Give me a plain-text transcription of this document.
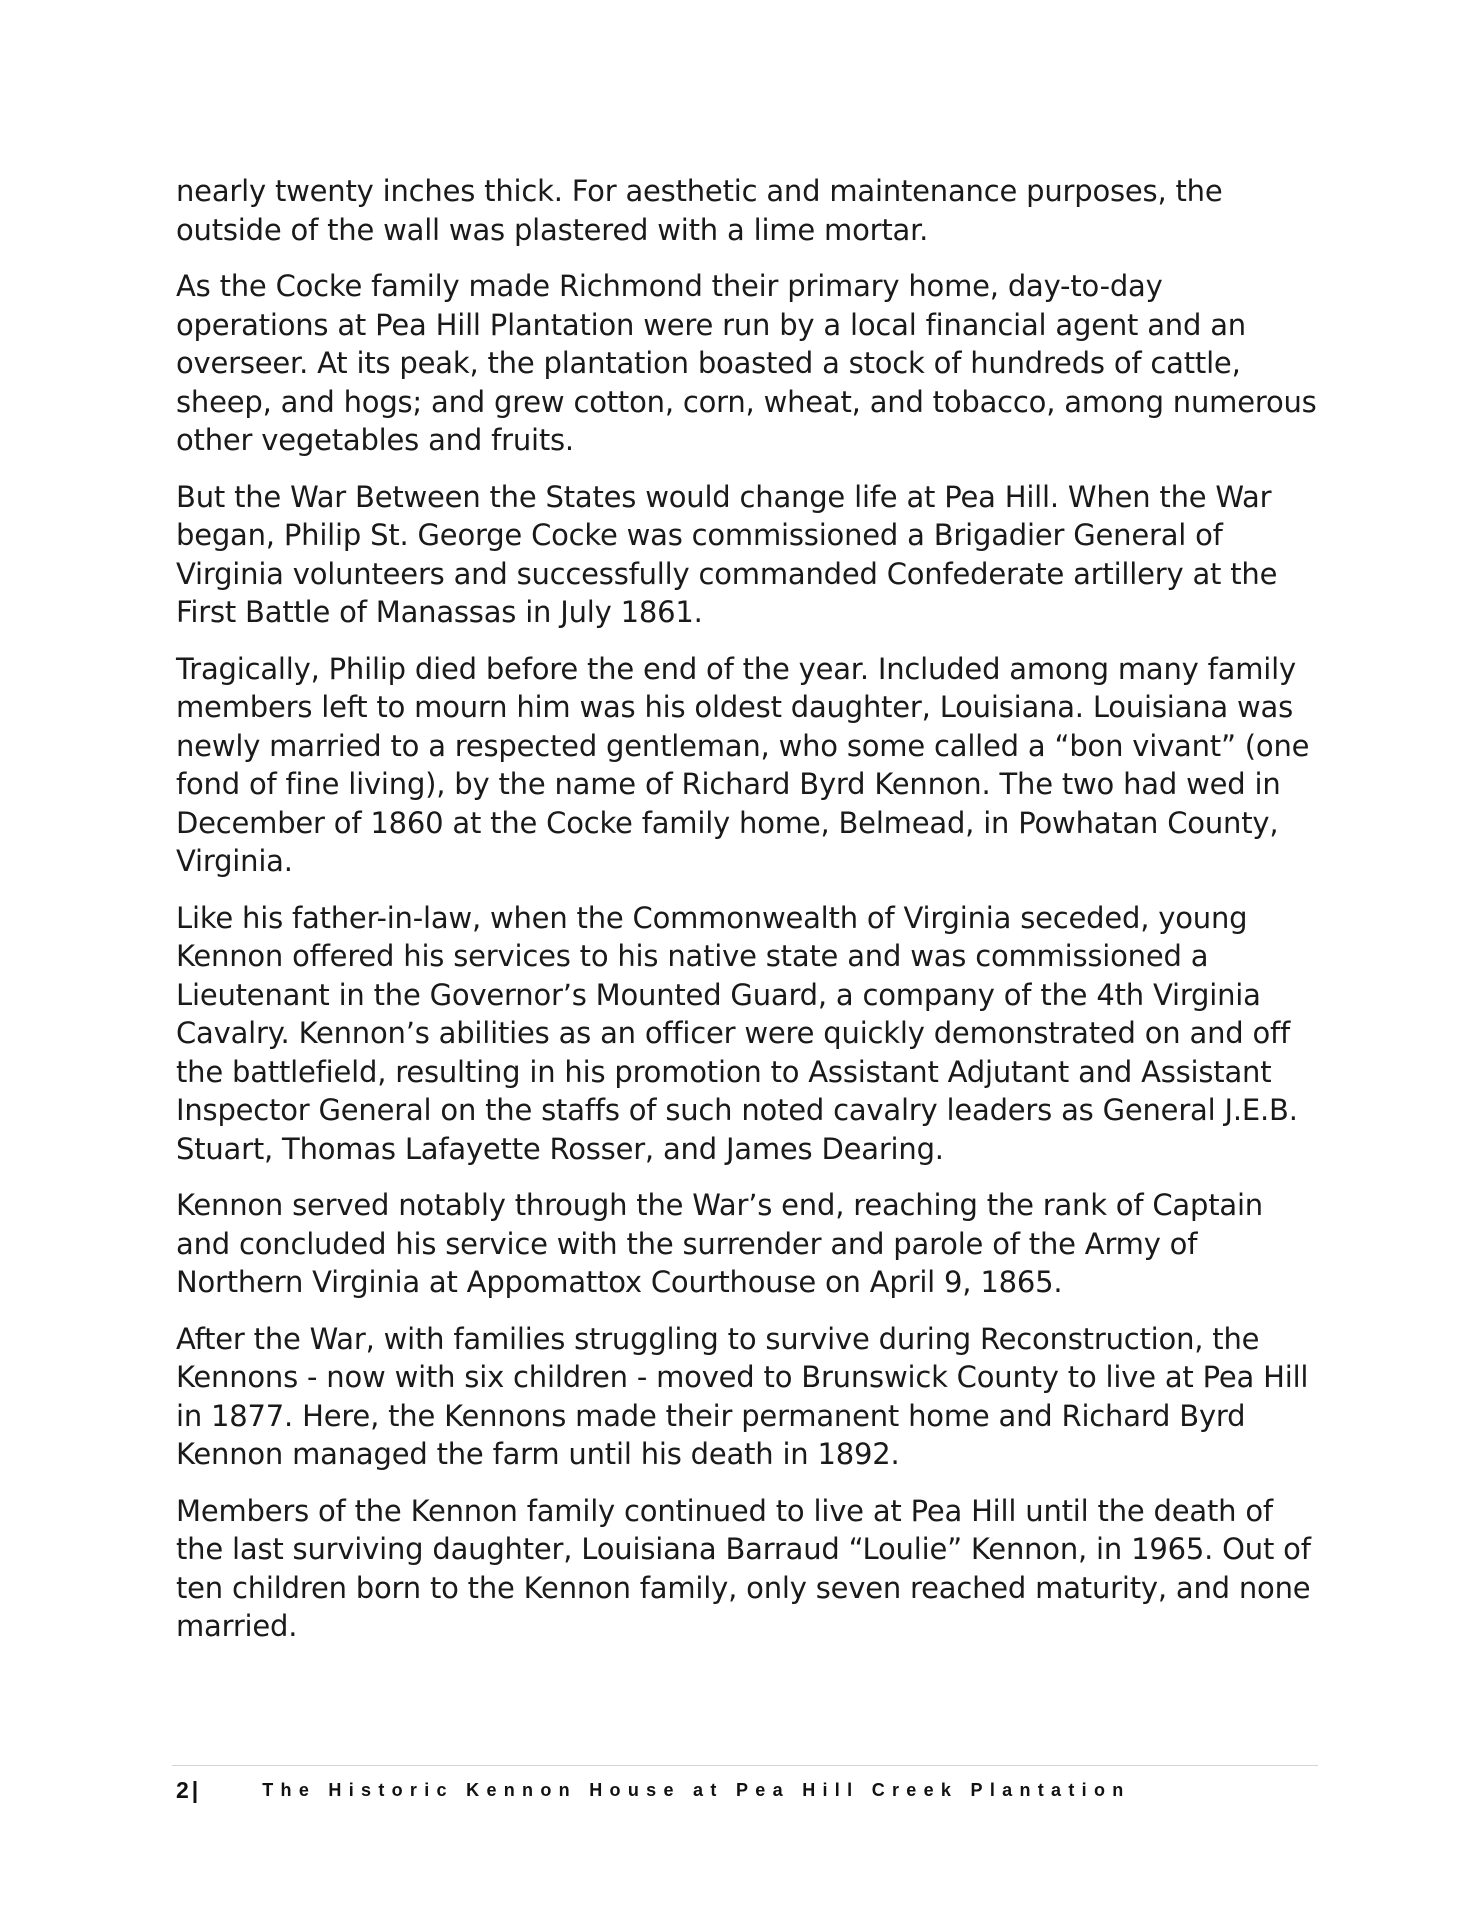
nearly twenty inches thick. For aesthetic and maintenance purposes, the outside of the wall was plastered with a lime mortar.

As the Cocke family made Richmond their primary home, day-to-day operations at Pea Hill Plantation were run by a local financial agent and an overseer. At its peak, the plantation boasted a stock of hundreds of cattle, sheep, and hogs; and grew cotton, corn, wheat, and tobacco, among numerous other vegetables and fruits.

But the War Between the States would change life at Pea Hill. When the War began, Philip St. George Cocke was commissioned a Brigadier General of Virginia volunteers and successfully commanded Confederate artillery at the First Battle of Manassas in July 1861.

Tragically, Philip died before the end of the year. Included among many family members left to mourn him was his oldest daughter, Louisiana. Louisiana was newly married to a respected gentleman, who some called a “bon vivant” (one fond of fine living), by the name of Richard Byrd Kennon. The two had wed in December of 1860 at the Cocke family home, Belmead, in Powhatan County, Virginia.

Like his father-in-law, when the Commonwealth of Virginia seceded, young Kennon offered his services to his native state and was commissioned a Lieutenant in the Governor’s Mounted Guard, a company of the 4th Virginia Cavalry. Kennon’s abilities as an officer were quickly demonstrated on and off the battlefield, resulting in his promotion to Assistant Adjutant and Assistant Inspector General on the staffs of such noted cavalry leaders as General J.E.B. Stuart, Thomas Lafayette Rosser, and James Dearing.

Kennon served notably through the War’s end, reaching the rank of Captain and concluded his service with the surrender and parole of the Army of Northern Virginia at Appomattox Courthouse on April 9, 1865.

After the War, with families struggling to survive during Reconstruction, the Kennons - now with six children - moved to Brunswick County to live at Pea Hill in 1877. Here, the Kennons made their permanent home and Richard Byrd Kennon managed the farm until his death in 1892.

Members of the Kennon family continued to live at Pea Hill until the death of the last surviving daughter, Louisiana Barraud “Loulie” Kennon, in 1965. Out of ten children born to the Kennon family, only seven reached maturity, and none married.

2 |	The Historic Kennon House at Pea Hill Creek Plantation
